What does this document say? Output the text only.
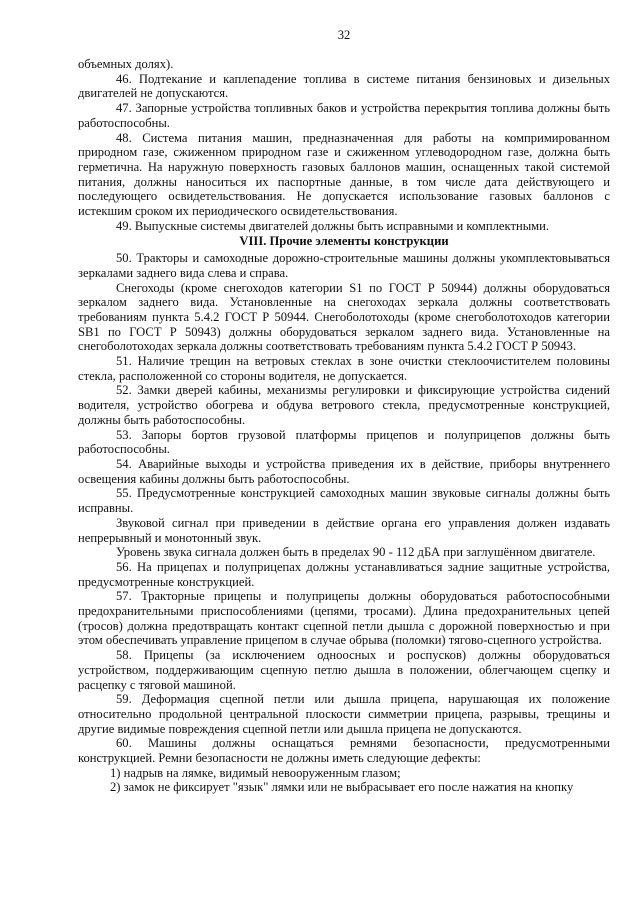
32

объемных долях).

46. Подтекание и каплепадение топлива в системе питания бензиновых и дизельных двигателей не допускаются.

47. Запорные устройства топливных баков и устройства перекрытия топлива должны быть работоспособны.

48. Система питания машин, предназначенная для работы на компримированном природном газе, сжиженном природном газе и сжиженном углеводородном газе, должна быть герметична. На наружную поверхность газовых баллонов машин, оснащенных такой системой питания, должны наноситься их паспортные данные, в том числе дата действующего и последующего освидетельствования. Не допускается использование газовых баллонов с истекшим сроком их периодического освидетельствования.

49. Выпускные системы двигателей должны быть исправными и комплектными.

VIII. Прочие элементы конструкции

50. Тракторы и самоходные дорожно-строительные машины должны укомплектовываться зеркалами заднего вида слева и справа.

Снегоходы (кроме снегоходов категории S1 по ГОСТ Р 50944) должны оборудоваться зеркалом заднего вида. Установленные на снегоходах зеркала должны соответствовать требованиям пункта 5.4.2 ГОСТ Р 50944. Снегоболотоходы (кроме снегоболотоходов категории SB1 по ГОСТ Р 50943) должны оборудоваться зеркалом заднего вида. Установленные на снегоболотоходах зеркала должны соответствовать требованиям пункта 5.4.2 ГОСТ Р 50943.

51. Наличие трещин на ветровых стеклах в зоне очистки стеклоочистителем половины стекла, расположенной со стороны водителя, не допускается.

52. Замки дверей кабины, механизмы регулировки и фиксирующие устройства сидений водителя, устройство обогрева и обдува ветрового стекла, предусмотренные конструкцией, должны быть работоспособны.

53. Запоры бортов грузовой платформы прицепов и полуприцепов должны быть работоспособны.

54. Аварийные выходы и устройства приведения их в действие, приборы внутреннего освещения кабины должны быть работоспособны.

55. Предусмотренные конструкцией самоходных машин звуковые сигналы должны быть исправны.

Звуковой сигнал при приведении в действие органа его управления должен издавать непрерывный и монотонный звук.

Уровень звука сигнала должен быть в пределах 90 - 112 дБА при заглушённом двигателе.

56. На прицепах и полуприцепах должны устанавливаться задние защитные устройства, предусмотренные конструкцией.

57. Тракторные прицепы и полуприцепы должны оборудоваться работоспособными предохранительными приспособлениями (цепями, тросами). Длина предохранительных цепей (тросов) должна предотвращать контакт сцепной петли дышла с дорожной поверхностью и при этом обеспечивать управление прицепом в случае обрыва (поломки) тягово-сцепного устройства.

58. Прицепы (за исключением одноосных и роспусков) должны оборудоваться устройством, поддерживающим сцепную петлю дышла в положении, облегчающем сцепку и расцепку с тяговой машиной.

59. Деформация сцепной петли или дышла прицепа, нарушающая их положение относительно продольной центральной плоскости симметрии прицепа, разрывы, трещины и другие видимые повреждения сцепной петли или дышла прицепа не допускаются.

60. Машины должны оснащаться ремнями безопасности, предусмотренными конструкцией. Ремни безопасности не должны иметь следующие дефекты:

1) надрыв на лямке, видимый невооруженным глазом;

2) замок не фиксирует "язык" лямки или не выбрасывает его после нажатия на кнопку
